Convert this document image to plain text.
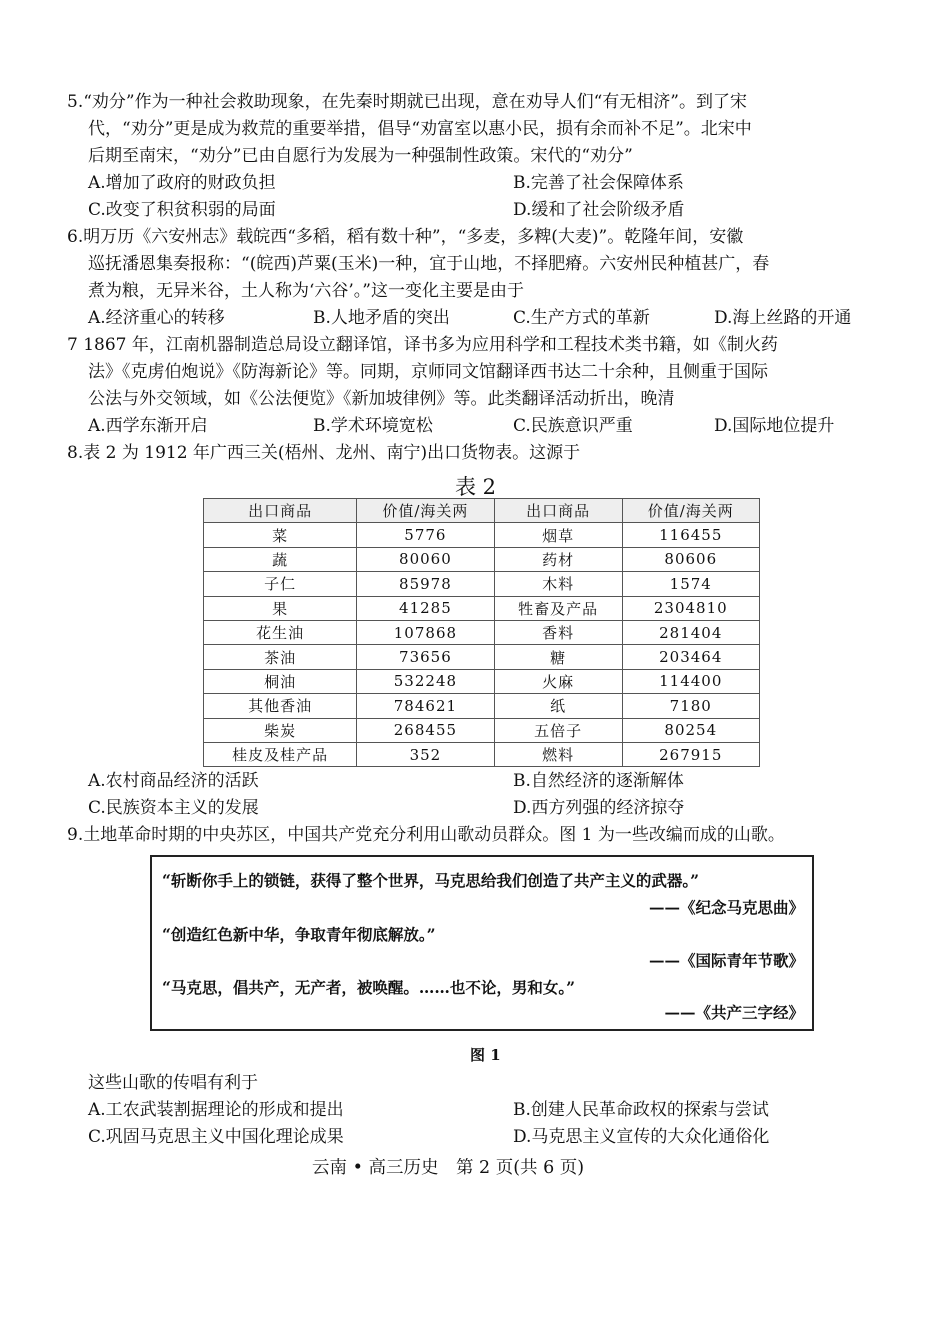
5.“劝分”作为一种社会救助现象，在先秦时期就已出现，意在劝导人们“有无相济”。到了宋
代，“劝分”更是成为救荒的重要举措，倡导“劝富室以惠小民，损有余而补不足”。北宋中
后期至南宋，“劝分”已由自愿行为发展为一种强制性政策。宋代的“劝分”
A.增加了政府的财政负担	B.完善了社会保障体系
C.改变了积贫积弱的局面	D.缓和了社会阶级矛盾
6.明万历《六安州志》载皖西“多稻，稻有数十种”，“多麦，多粺(大麦)”。乾隆年间，安徽
巡抚潘恩集奏报称：“(皖西)芦粟(玉米)一种，宜于山地，不择肥瘠。六安州民种植甚广，春
煮为粮，无异米谷，土人称为‘六谷’。”这一变化主要是由于
A.经济重心的转移	B.人地矛盾的突出	C.生产方式的革新	D.海上丝路的开通
7 1867 年，江南机器制造总局设立翻译馆，译书多为应用科学和工程技术类书籍，如《制火药
法》《克虏伯炮说》《防海新论》等。同期，京师同文馆翻译西书达二十余种，且侧重于国际
公法与外交领域，如《公法便览》《新加坡律例》等。此类翻译活动折出，晚清
A.西学东渐开启	B.学术环境宽松	C.民族意识严重	D.国际地位提升
8.表 2 为 1912 年广西三关(梧州、龙州、南宁)出口货物表。这源于
表 2
出口商品	价值/海关两	出口商品	价值/海关两
菜	5776	烟草	116455
蔬	80060	药材	80606
子仁	85978	木料	1574
果	41285	牲畜及产品	2304810
花生油	107868	香料	281404
茶油	73656	糖	203464
桐油	532248	火麻	114400
其他香油	784621	纸	7180
柴炭	268455	五倍子	80254
桂皮及桂产品	352	燃料	267915
A.农村商品经济的活跃	B.自然经济的逐渐解体
C.民族资本主义的发展	D.西方列强的经济掠夺
9.土地革命时期的中央苏区，中国共产党充分利用山歌动员群众。图 1 为一些改编而成的山歌。
“斩断你手上的锁链，获得了整个世界，马克思给我们创造了共产主义的武器。”
——《纪念马克思曲》
“创造红色新中华，争取青年彻底解放。”
——《国际青年节歌》
“马克思，倡共产，无产者，被唤醒。……也不论，男和女。”
——《共产三字经》
图 1
这些山歌的传唱有利于
A.工农武装割据理论的形成和提出	B.创建人民革命政权的探索与尝试
C.巩固马克思主义中国化理论成果	D.马克思主义宣传的大众化通俗化
云南 • 高三历史　第 2 页(共 6 页)
